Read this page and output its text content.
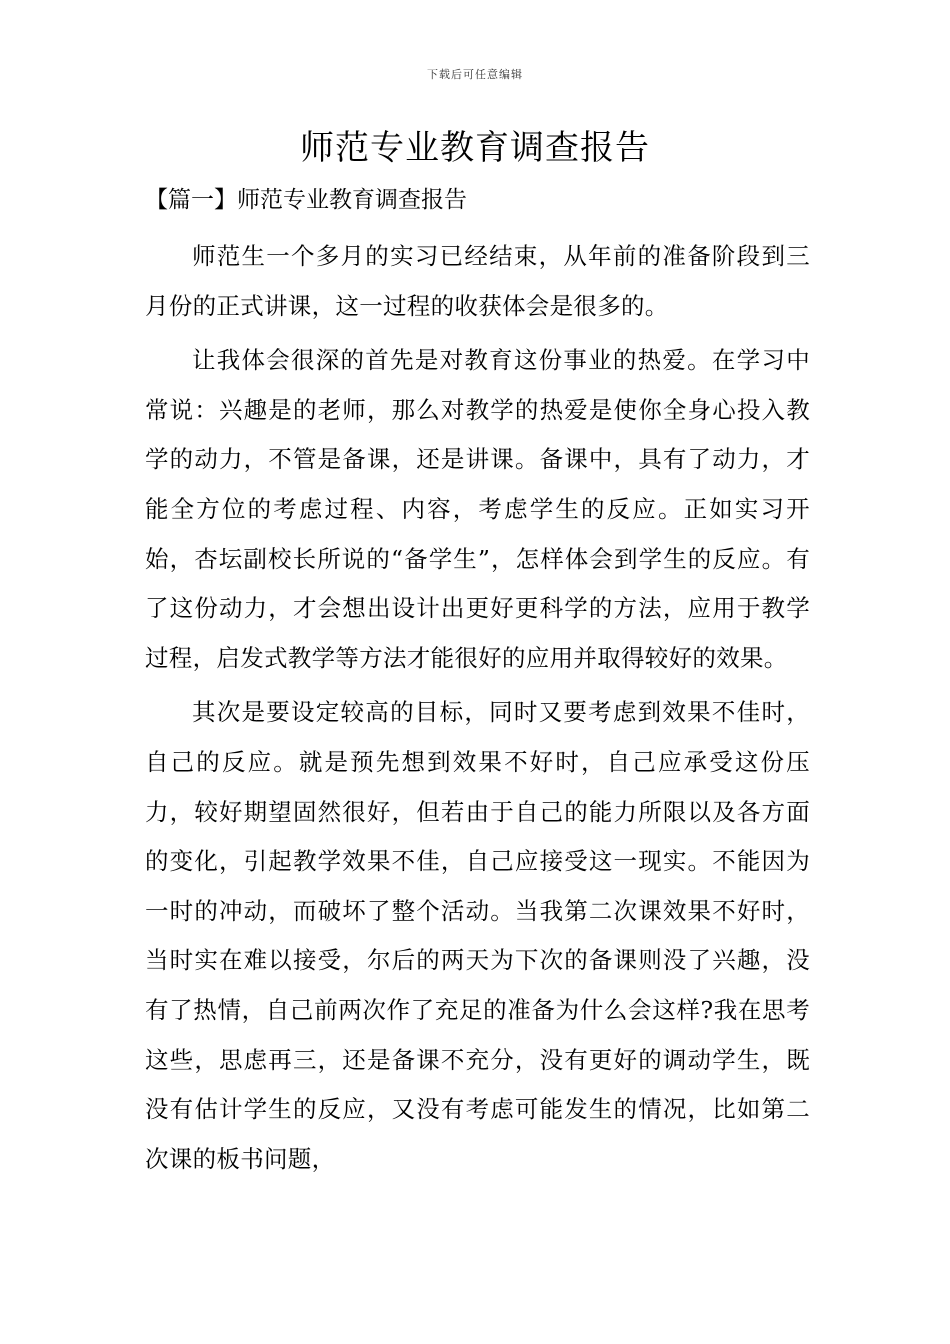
下载后可任意编辑
师范专业教育调查报告
【篇一】师范专业教育调查报告

师范生一个多月的实习已经结束，从年前的准备阶段到三月份的正式讲课，这一过程的收获体会是很多的。

让我体会很深的首先是对教育这份事业的热爱。在学习中常说：兴趣是的老师，那么对教学的热爱是使你全身心投入教学的动力，不管是备课，还是讲课。备课中，具有了动力，才能全方位的考虑过程、内容，考虑学生的反应。正如实习开始，杏坛副校长所说的“备学生”，怎样体会到学生的反应。有了这份动力，才会想出设计出更好更科学的方法，应用于教学过程，启发式教学等方法才能很好的应用并取得较好的效果。

其次是要设定较高的目标，同时又要考虑到效果不佳时，自己的反应。就是预先想到效果不好时，自己应承受这份压力，较好期望固然很好，但若由于自己的能力所限以及各方面的变化，引起教学效果不佳，自己应接受这一现实。不能因为一时的冲动，而破坏了整个活动。当我第二次课效果不好时，当时实在难以接受，尔后的两天为下次的备课则没了兴趣，没有了热情，自己前两次作了充足的准备为什么会这样?我在思考这些，思虑再三，还是备课不充分，没有更好的调动学生，既没有估计学生的反应，又没有考虑可能发生的情况，比如第二次课的板书问题，
